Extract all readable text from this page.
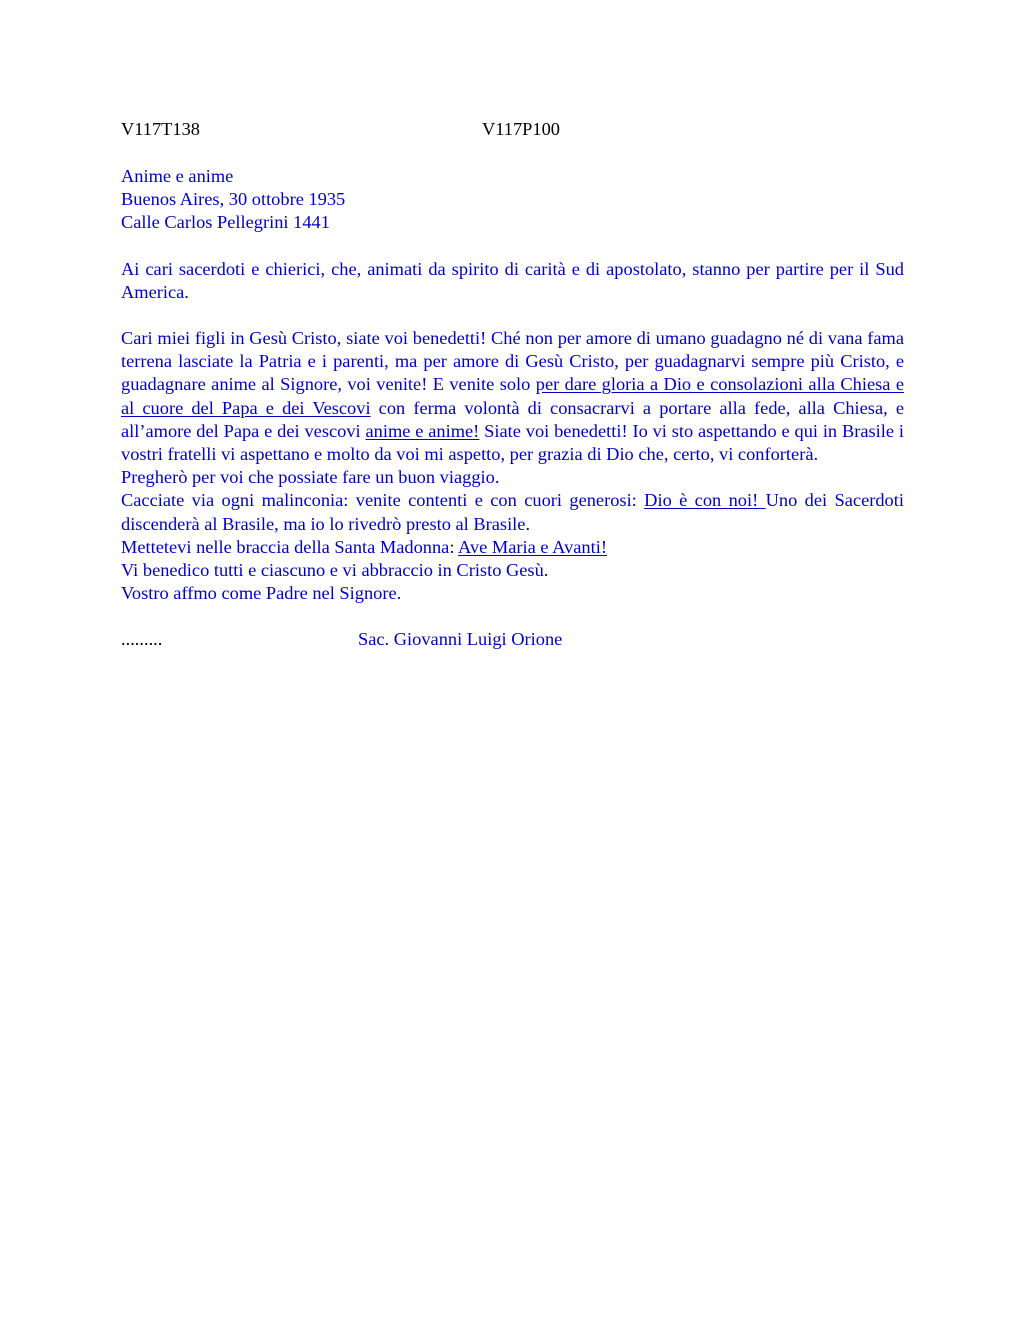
V117T138	V117P100
Anime e anime
Buenos Aires, 30 ottobre 1935
Calle Carlos Pellegrini 1441

Ai cari sacerdoti e chierici, che, animati da spirito di carità e di apostolato, stanno per partire per il Sud America.

Cari miei figli in Gesù Cristo, siate voi benedetti! Ché non per amore di umano guadagno né di vana fama terrena lasciate la Patria e i parenti, ma per amore di Gesù Cristo, per guadagnarvi sempre più Cristo, e guadagnare anime al Signore, voi venite! E venite solo per dare gloria a Dio e consolazioni alla Chiesa e al cuore del Papa e dei Vescovi con ferma volontà di consacrarvi a portare alla fede, alla Chiesa, e all’amore del Papa e dei vescovi anime e anime! Siate voi benedetti! Io vi sto aspettando e qui in Brasile i vostri fratelli vi aspettano e molto da voi mi aspetto, per grazia di Dio che, certo, vi conforterà.

Pregherò per voi che possiate fare un buon viaggio.

Cacciate via ogni malinconia: venite contenti e con cuori generosi: Dio è con noi! Uno dei Sacerdoti discenderà al Brasile, ma io lo rivedrò presto al Brasile.

Mettetevi nelle braccia della Santa Madonna: Ave Maria e Avanti!

Vi benedico tutti e ciascuno e vi abbraccio in Cristo Gesù.

Vostro affmo come Padre nel Signore.

.........	Sac. Giovanni Luigi Orione
